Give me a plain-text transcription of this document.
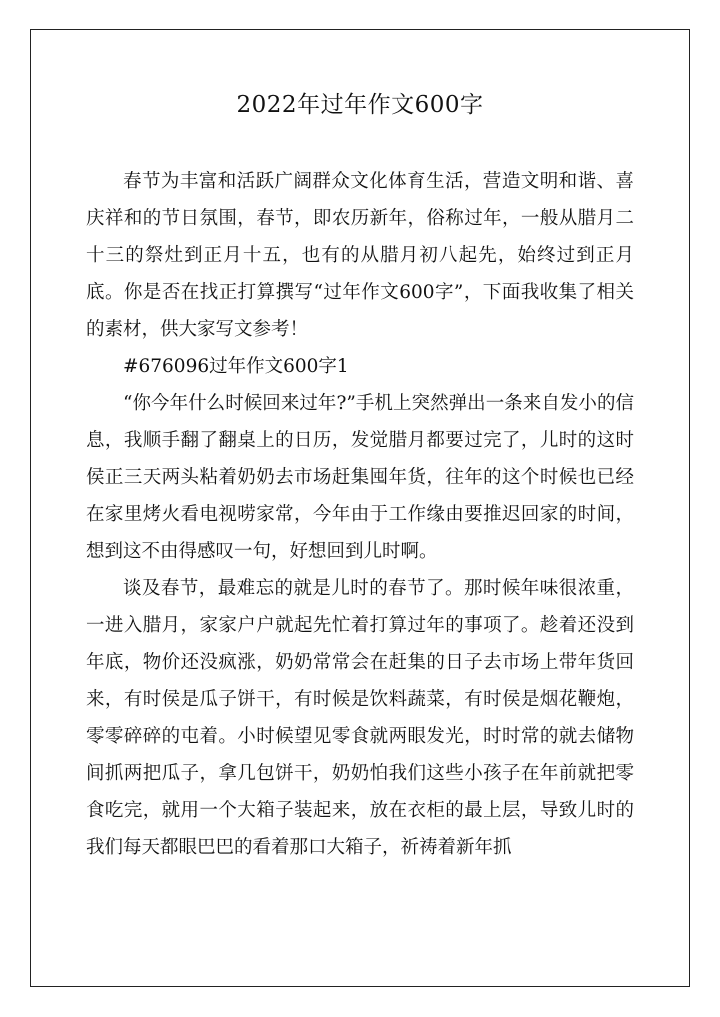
2022年过年作文600字

春节为丰富和活跃广阔群众文化体育生活，营造文明和谐、喜庆祥和的节日氛围，春节，即农历新年，俗称过年，一般从腊月二十三的祭灶到正月十五，也有的从腊月初八起先，始终过到正月底。你是否在找正打算撰写“过年作文600字”，下面我收集了相关的素材，供大家写文参考！

#676096过年作文600字1

“你今年什么时候回来过年?”手机上突然弹出一条来自发小的信息，我顺手翻了翻桌上的日历，发觉腊月都要过完了，儿时的这时侯正三天两头粘着奶奶去市场赶集囤年货，往年的这个时候也已经在家里烤火看电视唠家常，今年由于工作缘由要推迟回家的时间，想到这不由得感叹一句，好想回到儿时啊。

谈及春节，最难忘的就是儿时的春节了。那时候年味很浓重，一进入腊月，家家户户就起先忙着打算过年的事项了。趁着还没到年底，物价还没疯涨，奶奶常常会在赶集的日子去市场上带年货回来，有时侯是瓜子饼干，有时候是饮料蔬菜，有时侯是烟花鞭炮，零零碎碎的屯着。小时候望见零食就两眼发光，时时常的就去储物间抓两把瓜子，拿几包饼干，奶奶怕我们这些小孩子在年前就把零食吃完，就用一个大箱子装起来，放在衣柜的最上层，导致儿时的我们每天都眼巴巴的看着那口大箱子，祈祷着新年抓
